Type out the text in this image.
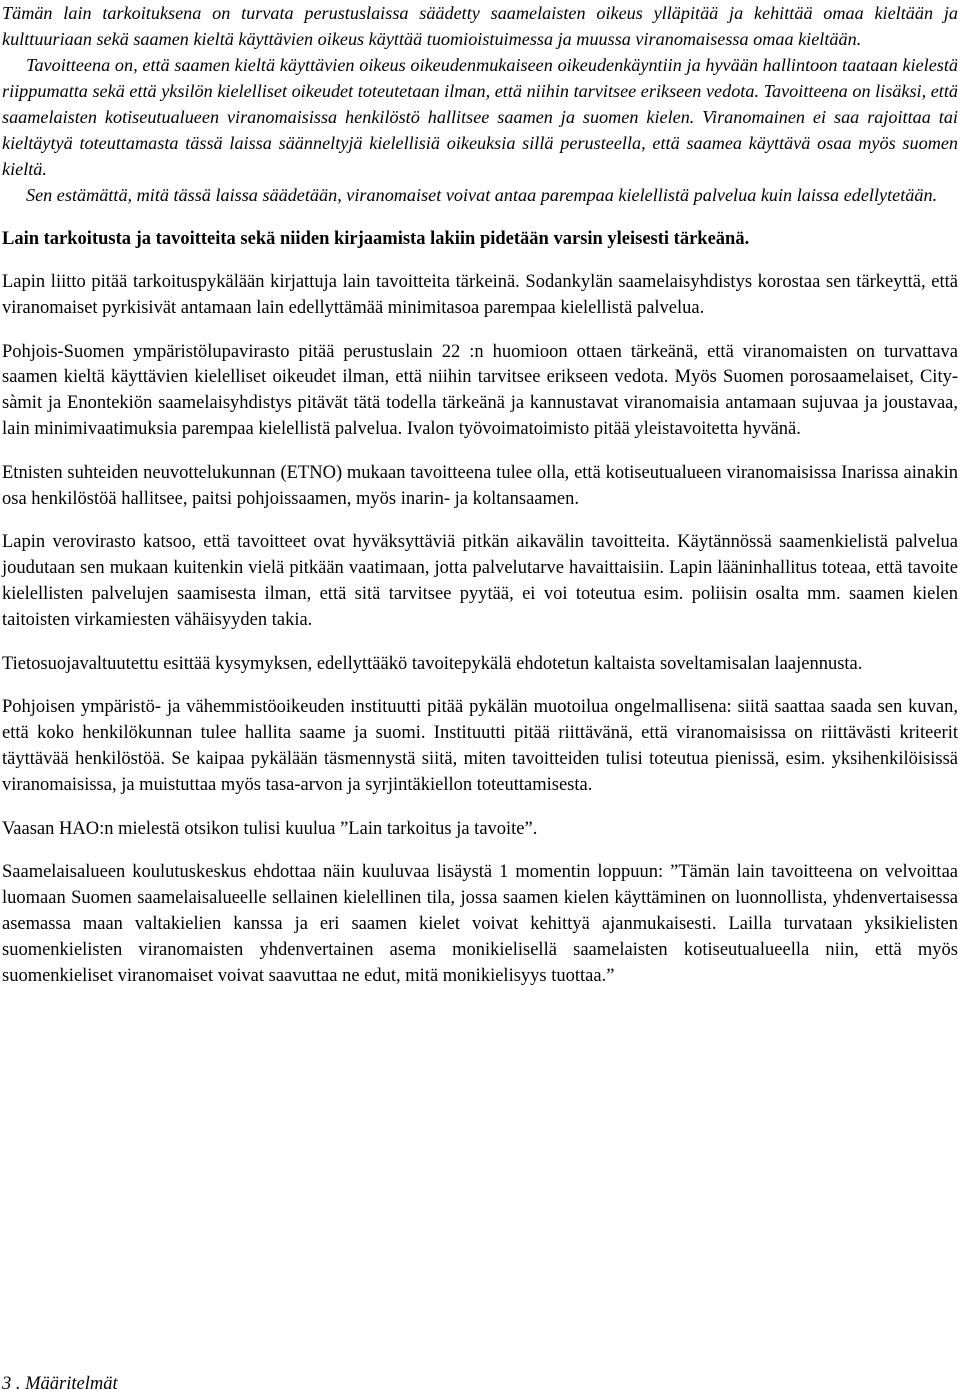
Tämän lain tarkoituksena on turvata perustuslaissa säädetty saamelaisten oikeus ylläpitää ja kehittää omaa kieltään ja kulttuuriaan sekä saamen kieltä käyttävien oikeus käyttää tuomioistuimessa ja muussa viranomaisessa omaa kieltään.

Tavoitteena on, että saamen kieltä käyttävien oikeus oikeudenmukaiseen oikeudenkäyntiin ja hyvään hallintoon taataan kielestä riippumatta sekä että yksilön kielelliset oikeudet toteutetaan ilman, että niihin tarvitsee erikseen vedota. Tavoitteena on lisäksi, että saamelaisten kotiseutualueen viranomaisissa henkilöstö hallitsee saamen ja suomen kielen. Viranomainen ei saa rajoittaa tai kieltäytyä toteuttamasta tässä laissa säänneltyjä kielellisiä oikeuksia sillä perusteella, että saamea käyttävä osaa myös suomen kieltä.

Sen estämättä, mitä tässä laissa säädetään, viranomaiset voivat antaa parempaa kielellistä palvelua kuin laissa edellytetään.

Lain tarkoitusta ja tavoitteita sekä niiden kirjaamista lakiin pidetään varsin yleisesti tärkeänä.

Lapin liitto pitää tarkoituspykälään kirjattuja lain tavoitteita tärkeinä. Sodankylän saamelaisyhdistys korostaa sen tärkeyttä, että viranomaiset pyrkisivät antamaan lain edellyttämää minimitasoa parempaa kielellistä palvelua.

Pohjois-Suomen ympäristölupavirasto pitää perustuslain 22 :n huomioon ottaen tärkeänä, että viranomaisten on turvattava saamen kieltä käyttävien kielelliset oikeudet ilman, että niihin tarvitsee erikseen vedota. Myös Suomen porosaamelaiset, City-sàmit ja Enontekiön saamelaisyhdistys pitävät tätä todella tärkeänä ja kannustavat viranomaisia antamaan sujuvaa ja joustavaa, lain minimivaatimuksia parempaa kielellistä palvelua. Ivalon työvoimatoimisto pitää yleistavoitetta hyvänä.

Etnisten suhteiden neuvottelukunnan (ETNO) mukaan tavoitteena tulee olla, että kotiseutualueen viranomaisissa Inarissa ainakin osa henkilöstöä hallitsee, paitsi pohjoissaamen, myös inarin- ja koltansaamen.

Lapin verovirasto katsoo, että tavoitteet ovat hyväksyttäviä pitkän aikavälin tavoitteita. Käytännössä saamenkielistä palvelua joudutaan sen mukaan kuitenkin vielä pitkään vaatimaan, jotta palvelutarve havaittaisiin. Lapin lääninhallitus toteaa, että tavoite kielellisten palvelujen saamisesta ilman, että sitä tarvitsee pyytää, ei voi toteutua esim. poliisin osalta mm. saamen kielen taitoisten virkamiesten vähäisyyden takia.

Tietosuojavaltuutettu esittää kysymyksen, edellyttääkö tavoitepykälä ehdotetun kaltaista soveltamisalan laajennusta.

Pohjoisen ympäristö- ja vähemmistöoikeuden instituutti pitää pykälän muotoilua ongelmallisena: siitä saattaa saada sen kuvan, että koko henkilökunnan tulee hallita saame ja suomi. Instituutti pitää riittävänä, että viranomaisissa on riittävästi kriteerit täyttävää henkilöstöä. Se kaipaa pykälään täsmennystä siitä, miten tavoitteiden tulisi toteutua pienissä, esim. yksihenkilöisissä viranomaisissa, ja muistuttaa myös tasa-arvon ja syrjintäkiellon toteuttamisesta.

Vaasan HAO:n mielestä otsikon tulisi kuulua ”Lain tarkoitus ja tavoite”.

Saamelaisalueen koulutuskeskus ehdottaa näin kuuluvaa lisäystä 1 momentin loppuun: ”Tämän lain tavoitteena on velvoittaa luomaan Suomen saamelaisalueelle sellainen kielellinen tila, jossa saamen kielen käyttäminen on luonnollista, yhdenvertaisessa asemassa maan valtakielien kanssa ja eri saamen kielet voivat kehittyä ajanmukaisesti. Lailla turvataan yksikielisten suomenkielisten viranomaisten yhdenvertainen asema monikielisellä saamelaisten kotiseutualueella niin, että myös suomenkieliset viranomaiset voivat saavuttaa ne edut, mitä monikielisyys tuottaa.”

3 . Määritelmät
